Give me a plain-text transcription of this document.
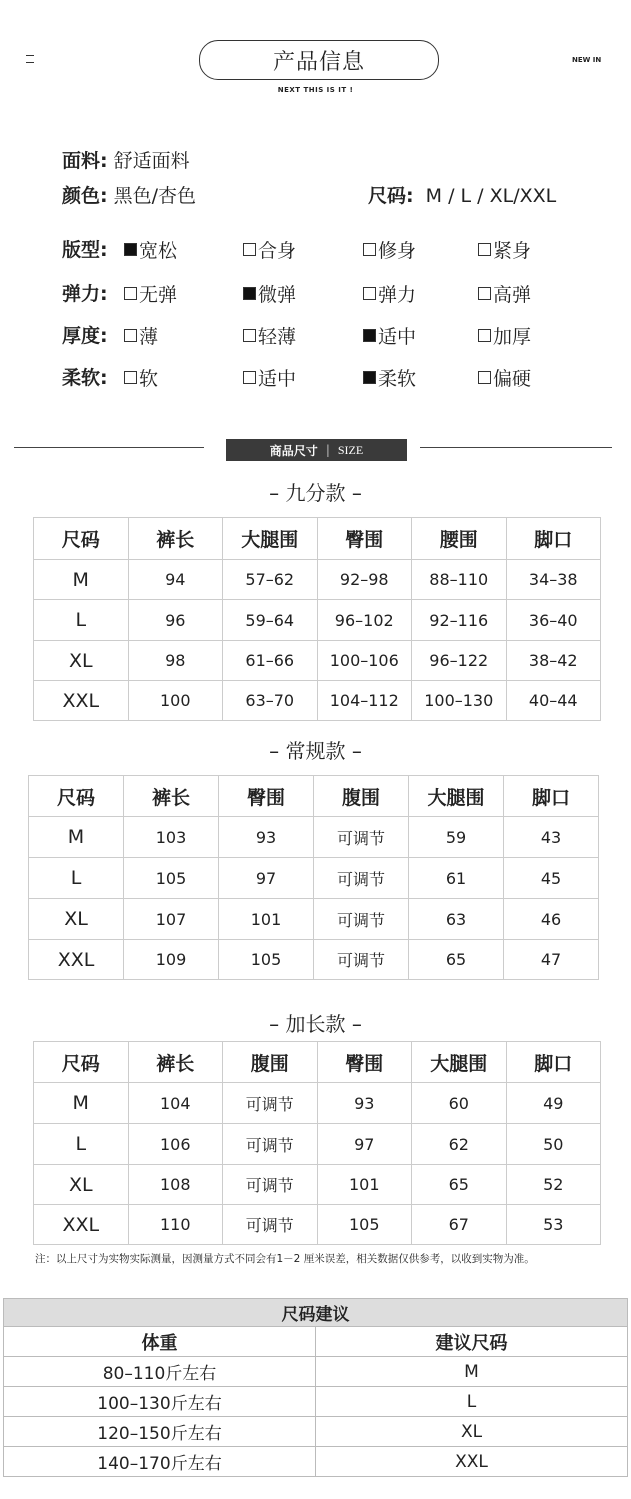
产品信息
NEXT THIS IS IT !
NEW IN
面料: 舒适面料
颜色: 黑色/杏色	尺码: M / L / XL/XXL
版型: 宽松	合身	修身	紧身
弹力: 无弹	微弹	弹力	高弹
厚度: 薄	轻薄	适中	加厚
柔软: 软	适中	柔软	偏硬
商品尺寸 | SIZE
– 九分款 –
– 常规款 –
– 加长款 –
尺码	裤长	大腿围	臀围	腰围	脚口
M	94	57–62	92–98	88–110	34–38
L	96	59–64	96–102	92–116	36–40
XL	98	61–66	100–106	96–122	38–42
XXL	100	63–70	104–112	100–130	40–44
尺码	裤长	臀围	腹围	大腿围	脚口
M	103	93	可调节	59	43
L	105	97	可调节	61	45
XL	107	101	可调节	63	46
XXL	109	105	可调节	65	47
尺码	裤长	腹围	臀围	大腿围	脚口
M	104	可调节	93	60	49
L	106	可调节	97	62	50
XL	108	可调节	101	65	52
XXL	110	可调节	105	67	53
注：以上尺寸为实物实际测量，因测量方式不同会有1－2 厘米误差，相关数据仅供参考，以收到实物为准。
尺码建议	
体重	建议尺码
80–110斤左右	M
100–130斤左右	L
120–150斤左右	XL
140–170斤左右	XXL
